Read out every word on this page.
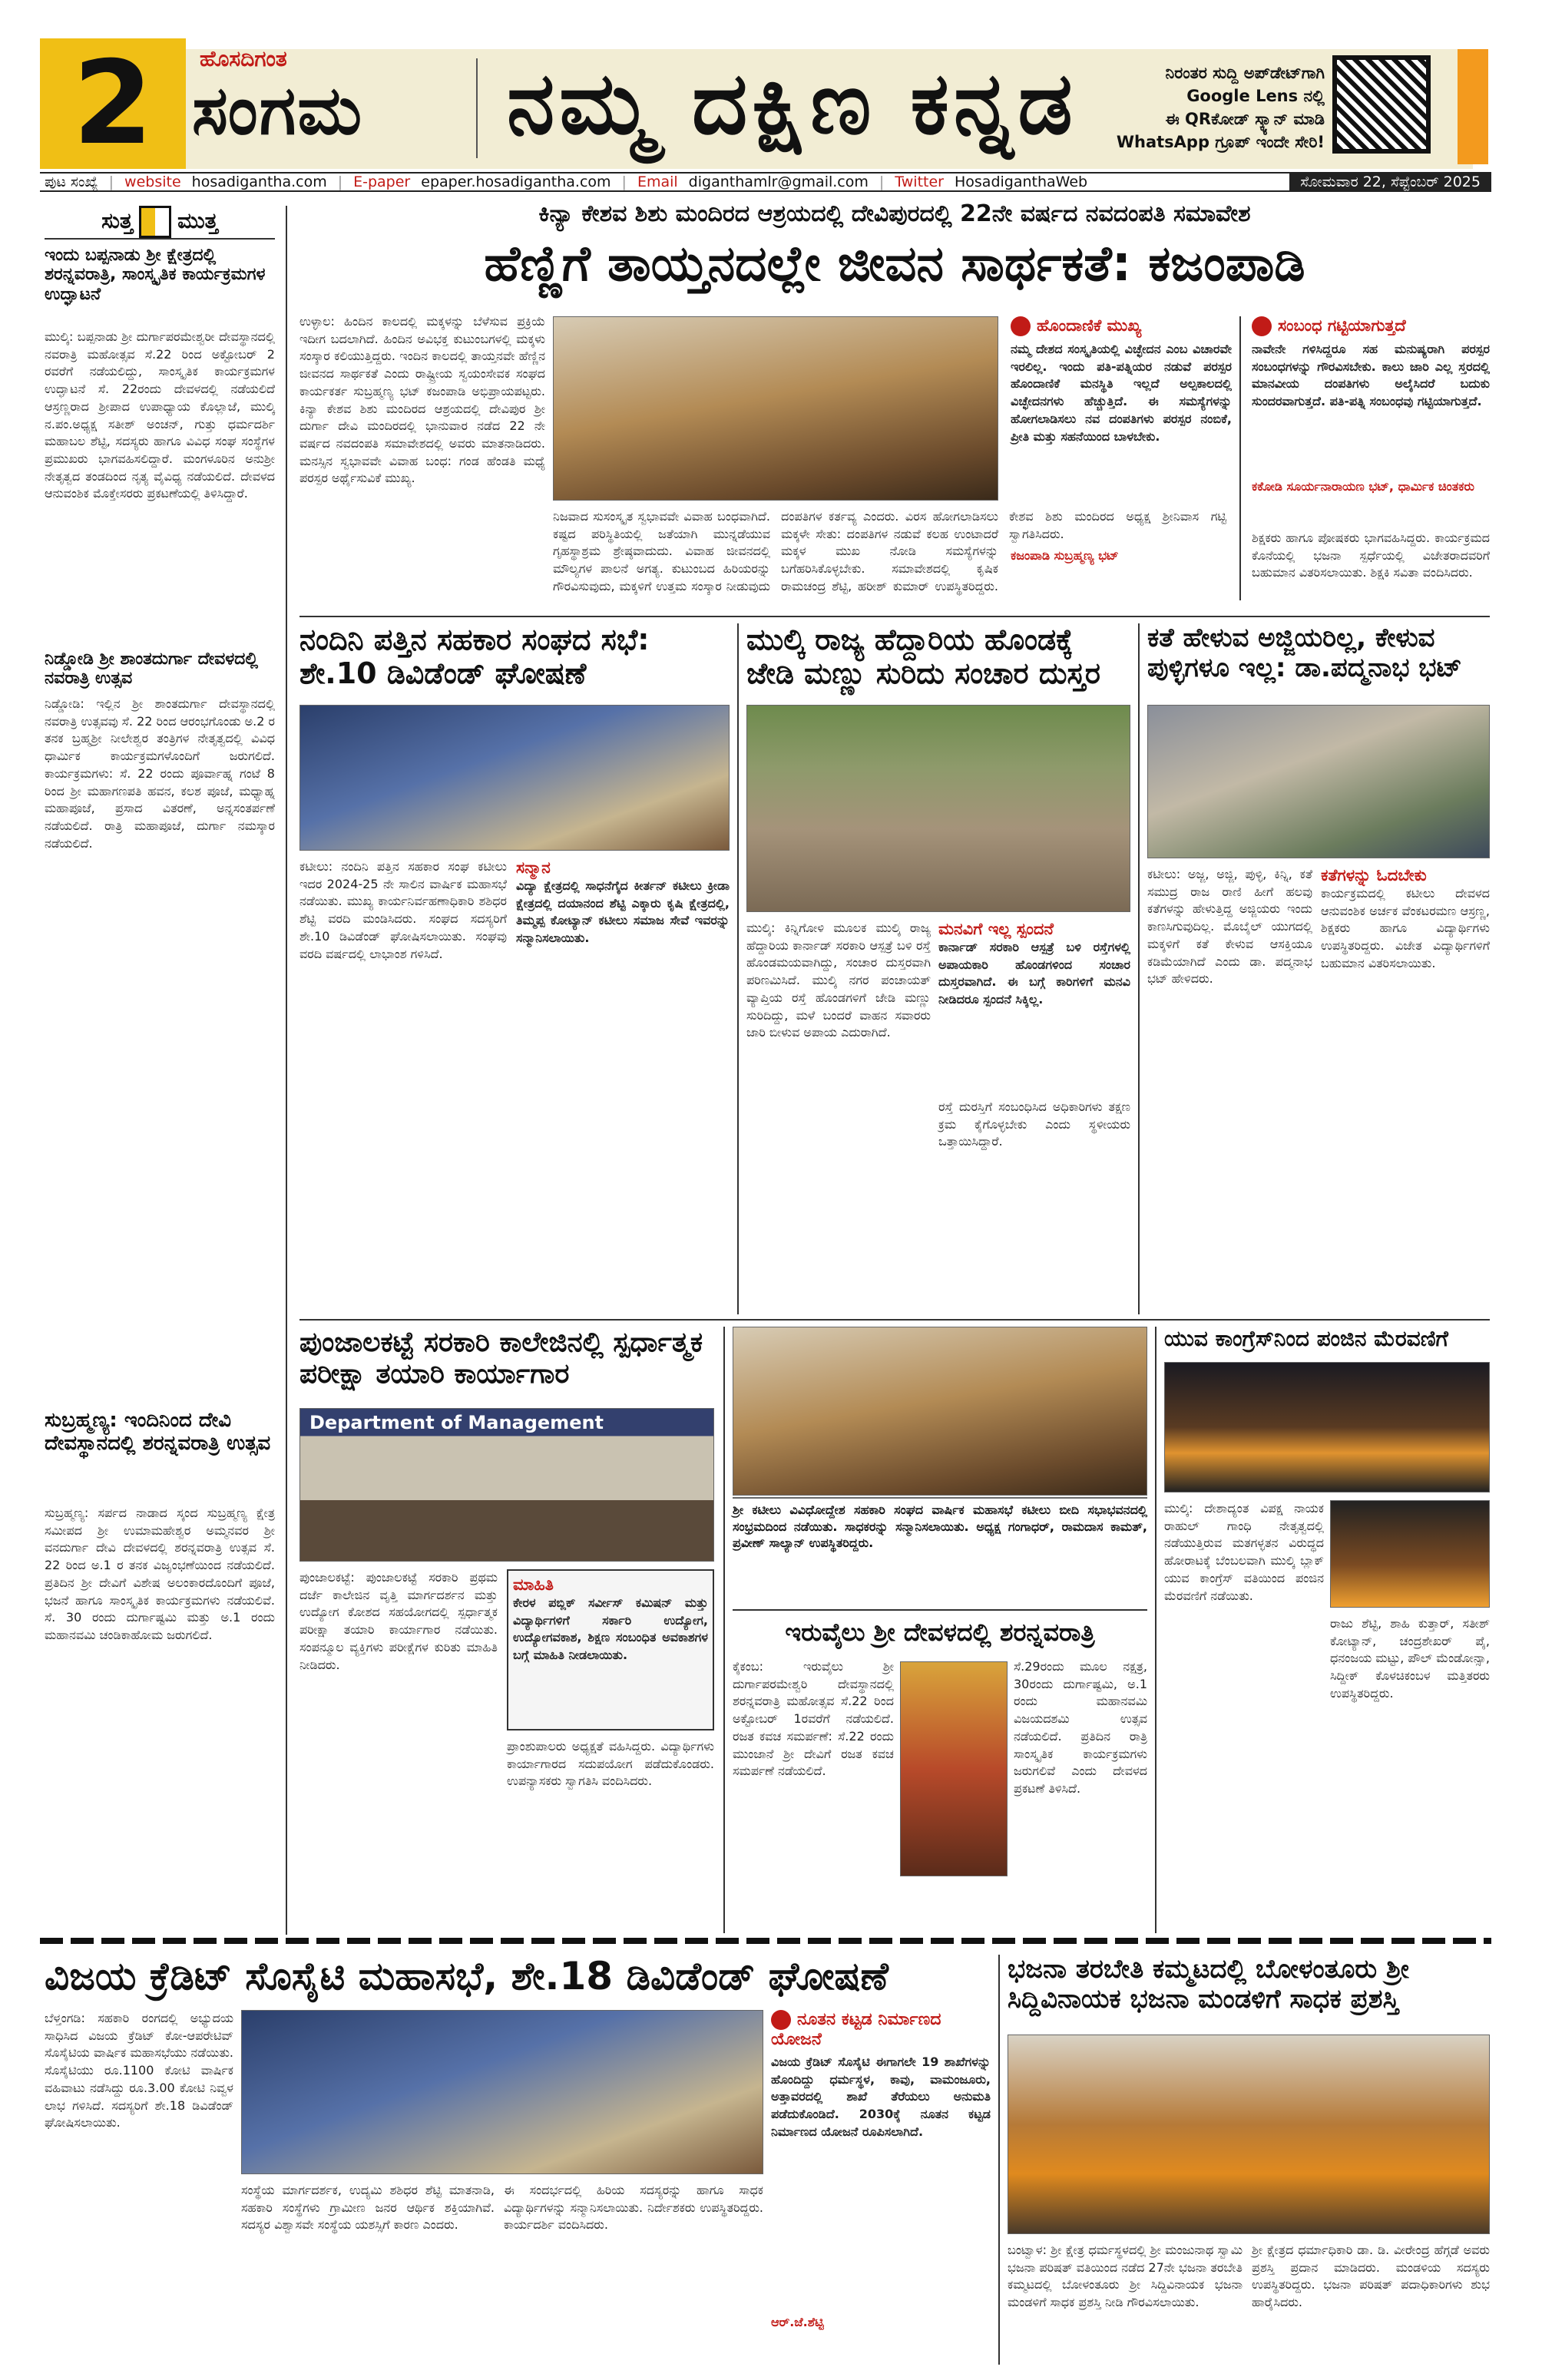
2	ಹೊಸದಿಗಂತ
ಸಂಗಮ ನಮ್ಮ ದಕ್ಷಿಣ ಕನ್ನಡ	ನಿರಂತರ ಸುದ್ದಿ ಅಪ್‌ಡೇಟ್‌ಗಾಗಿ
Google Lens ನಲ್ಲಿ
ಈ QRಕೋಡ್ ಸ್ಕ್ಯಾನ್ ಮಾಡಿ
WhatsApp ಗ್ರೂಪ್ ಇಂದೇ ಸೇರಿ!
ಪುಟ ಸಂಖ್ಯೆ | website hosadigantha.com | E-paper epaper.hosadigantha.com | Email diganthamlr@gmail.com | Twitter HosadiganthaWeb	ಸೋಮವಾರ 22, ಸೆಪ್ಟೆಂಬರ್ 2025
ಸುತ್ತ ಮುತ್ತ
ಇಂದು ಬಪ್ಪನಾಡು ಶ್ರೀ ಕ್ಷೇತ್ರದಲ್ಲಿ ಶರನ್ನವರಾತ್ರಿ, ಸಾಂಸ್ಕೃತಿಕ ಕಾರ್ಯಕ್ರಮಗಳ ಉದ್ಘಾಟನೆ
ಮುಲ್ಕಿ: ಬಪ್ಪನಾಡು ಶ್ರೀ ದುರ್ಗಾಪರಮೇಶ್ವರೀ ದೇವಸ್ಥಾನದಲ್ಲಿ ನವರಾತ್ರಿ ಮಹೋತ್ಸವ ಸೆ.22 ರಿಂದ ಅಕ್ಟೋಬರ್ 2 ರವರೆಗೆ ನಡೆಯಲಿದ್ದು, ಸಾಂಸ್ಕೃತಿಕ ಕಾರ್ಯಕ್ರಮಗಳ ಉದ್ಘಾಟನೆ ಸೆ. 22ರಂದು ದೇವಳದಲ್ಲಿ ನಡೆಯಲಿದೆ ಆಸ್ರಣ್ಣರಾದ ಶ್ರೀಪಾದ ಉಪಾಧ್ಯಾಯ ಕೊಲ್ಲಾಜೆ, ಮುಲ್ಕಿ ನ.ಪಂ.ಅಧ್ಯಕ್ಷ ಸತೀಶ್ ಅಂಚನ್, ಗುತ್ತು ಧರ್ಮದರ್ಶಿ ಮಹಾಬಲ ಶೆಟ್ಟಿ, ಸದಸ್ಯರು ಹಾಗೂ ವಿವಿಧ ಸಂಘ ಸಂಸ್ಥೆಗಳ ಪ್ರಮುಖರು ಭಾಗವಹಿಸಲಿದ್ದಾರೆ. ಮಂಗಳೂರಿನ ಅನುಶ್ರೀ ನೇತೃತ್ವದ ತಂಡದಿಂದ ನೃತ್ಯ ವೈವಿಧ್ಯ ನಡೆಯಲಿದೆ. ದೇವಳದ ಆನುವಂಶಿಕ ಮೊಕ್ತೇಸರರು ಪ್ರಕಟಣೆಯಲ್ಲಿ ತಿಳಿಸಿದ್ದಾರೆ.
ನಿಡ್ಡೋಡಿ ಶ್ರೀ ಶಾಂತದುರ್ಗಾ ದೇವಳದಲ್ಲಿ ನವರಾತ್ರಿ ಉತ್ಸವ
ನಿಡ್ಡೋಡಿ: ಇಲ್ಲಿನ ಶ್ರೀ ಶಾಂತದುರ್ಗಾ ದೇವಸ್ಥಾನದಲ್ಲಿ ನವರಾತ್ರಿ ಉತ್ಸವವು ಸೆ. 22 ರಿಂದ ಆರಂಭಗೊಂಡು ಅ.2 ರ ತನಕ ಬ್ರಹ್ಮಶ್ರೀ ನೀಲೇಶ್ವರ ತಂತ್ರಿಗಳ ನೇತೃತ್ವದಲ್ಲಿ ವಿವಿಧ ಧಾರ್ಮಿಕ ಕಾರ್ಯಕ್ರಮಗಳೊಂದಿಗೆ ಜರುಗಲಿದೆ. ಕಾರ್ಯಕ್ರಮಗಳು: ಸೆ. 22 ರಂದು ಪೂರ್ವಾಹ್ನ ಗಂಟೆ 8 ರಿಂದ ಶ್ರೀ ಮಹಾಗಣಪತಿ ಹವನ, ಕಲಶ ಪೂಜೆ, ಮಧ್ಯಾಹ್ನ ಮಹಾಪೂಜೆ, ಪ್ರಸಾದ ವಿತರಣೆ, ಅನ್ನಸಂತರ್ಪಣೆ ನಡೆಯಲಿದೆ. ರಾತ್ರಿ ಮಹಾಪೂಜೆ, ದುರ್ಗಾ ನಮಸ್ಕಾರ ನಡೆಯಲಿದೆ.
ಸುಬ್ರಹ್ಮಣ್ಯ: ಇಂದಿನಿಂದ ದೇವಿ ದೇವಸ್ಥಾನದಲ್ಲಿ ಶರನ್ನವರಾತ್ರಿ ಉತ್ಸವ
ಸುಬ್ರಹ್ಮಣ್ಯ: ಸರ್ಪದ ನಾಡಾದ ಸ್ಕಂದ ಸುಬ್ರಹ್ಮಣ್ಯ ಕ್ಷೇತ್ರ ಸಮೀಪದ ಶ್ರೀ ಉಮಾಮಹೇಶ್ವರ ಅಮ್ಮನವರ ಶ್ರೀ ವನದುರ್ಗಾ ದೇವಿ ದೇವಳದಲ್ಲಿ ಶರನ್ನವರಾತ್ರಿ ಉತ್ಸವ ಸೆ. 22 ರಿಂದ ಅ.1 ರ ತನಕ ವಿಜೃಂಭಣೆಯಿಂದ ನಡೆಯಲಿದೆ. ಪ್ರತಿದಿನ ಶ್ರೀ ದೇವಿಗೆ ವಿಶೇಷ ಅಲಂಕಾರದೊಂದಿಗೆ ಪೂಜೆ, ಭಜನೆ ಹಾಗೂ ಸಾಂಸ್ಕೃತಿಕ ಕಾರ್ಯಕ್ರಮಗಳು ನಡೆಯಲಿವೆ. ಸೆ. 30 ರಂದು ದುರ್ಗಾಷ್ಟಮಿ ಮತ್ತು ಅ.1 ರಂದು ಮಹಾನವಮಿ ಚಂಡಿಕಾಹೋಮ ಜರುಗಲಿದೆ.
ಕಿನ್ಯಾ ಕೇಶವ ಶಿಶು ಮಂದಿರದ ಆಶ್ರಯದಲ್ಲಿ ದೇವಿಪುರದಲ್ಲಿ 22ನೇ ವರ್ಷದ ನವದಂಪತಿ ಸಮಾವೇಶ
ಹೆಣ್ಣಿಗೆ ತಾಯ್ತನದಲ್ಲೇ ಜೀವನ ಸಾರ್ಥಕತೆ: ಕಜಂಪಾಡಿ
ಉಳ್ಳಾಲ: ಹಿಂದಿನ ಕಾಲದಲ್ಲಿ ಮಕ್ಕಳನ್ನು ಬೆಳೆಸುವ ಪ್ರಕ್ರಿಯೆ ಇದೀಗ ಬದಲಾಗಿದೆ. ಹಿಂದಿನ ಅವಿಭಕ್ತ ಕುಟುಂಬಗಳಲ್ಲಿ ಮಕ್ಕಳು ಸಂಸ್ಕಾರ ಕಲಿಯುತ್ತಿದ್ದರು. ಇಂದಿನ ಕಾಲದಲ್ಲಿ ತಾಯ್ತನವೇ ಹೆಣ್ಣಿನ ಜೀವನದ ಸಾರ್ಥಕತೆ ಎಂದು ರಾಷ್ಟ್ರೀಯ ಸ್ವಯಂಸೇವಕ ಸಂಘದ ಕಾರ್ಯಕರ್ತ ಸುಬ್ರಹ್ಮಣ್ಯ ಭಟ್ ಕಜಂಪಾಡಿ ಅಭಿಪ್ರಾಯಪಟ್ಟರು. ಕಿನ್ಯಾ ಕೇಶವ ಶಿಶು ಮಂದಿರದ ಆಶ್ರಯದಲ್ಲಿ ದೇವಿಪುರ ಶ್ರೀ ದುರ್ಗಾ ದೇವಿ ಮಂದಿರದಲ್ಲಿ ಭಾನುವಾರ ನಡೆದ 22 ನೇ ವರ್ಷದ ನವದಂಪತಿ ಸಮಾವೇಶದಲ್ಲಿ ಅವರು ಮಾತನಾಡಿದರು. ಮನಸ್ಸಿನ ಸ್ವಭಾವವೇ ವಿವಾಹ ಬಂಧ: ಗಂಡ ಹೆಂಡತಿ ಮಧ್ಯೆ ಪರಸ್ಪರ ಅರ್ಥೈಸುವಿಕೆ ಮುಖ್ಯ.
ನಿಜವಾದ ಸುಸಂಸ್ಕೃತ ಸ್ವಭಾವವೇ ವಿವಾಹ ಬಂಧವಾಗಿದೆ. ಕಷ್ಟದ ಪರಿಸ್ಥಿತಿಯಲ್ಲಿ ಜತೆಯಾಗಿ ಮುನ್ನಡೆಯುವ ಗೃಹಸ್ಥಾಶ್ರಮ ಶ್ರೇಷ್ಠವಾದುದು. ವಿವಾಹ ಜೀವನದಲ್ಲಿ ಮೌಲ್ಯಗಳ ಪಾಲನೆ ಅಗತ್ಯ. ಕುಟುಂಬದ ಹಿರಿಯರನ್ನು ಗೌರವಿಸುವುದು, ಮಕ್ಕಳಿಗೆ ಉತ್ತಮ ಸಂಸ್ಕಾರ ನೀಡುವುದು ದಂಪತಿಗಳ ಕರ್ತವ್ಯ ಎಂದರು. ವಿರಸ ಹೋಗಲಾಡಿಸಲು ಮಕ್ಕಳೇ ಸೇತು: ದಂಪತಿಗಳ ನಡುವೆ ಕಲಹ ಉಂಟಾದರೆ ಮಕ್ಕಳ ಮುಖ ನೋಡಿ ಸಮಸ್ಯೆಗಳನ್ನು ಬಗೆಹರಿಸಿಕೊಳ್ಳಬೇಕು. ಸಮಾವೇಶದಲ್ಲಿ ಕೃಷಿಕ ರಾಮಚಂದ್ರ ಶೆಟ್ಟಿ, ಹರೀಶ್ ಕುಮಾರ್ ಉಪಸ್ಥಿತರಿದ್ದರು. ಕೇಶವ ಶಿಶು ಮಂದಿರದ ಅಧ್ಯಕ್ಷ ಶ್ರೀನಿವಾಸ ಗಟ್ಟಿ ಸ್ವಾಗತಿಸಿದರು.
ಹೊಂದಾಣಿಕೆ ಮುಖ್ಯ
ನಮ್ಮ ದೇಶದ ಸಂಸ್ಕೃತಿಯಲ್ಲಿ ವಿಚ್ಛೇದನ ಎಂಬ ವಿಚಾರವೇ ಇರಲಿಲ್ಲ. ಇಂದು ಪತಿ-ಪತ್ನಿಯರ ನಡುವೆ ಪರಸ್ಪರ ಹೊಂದಾಣಿಕೆ ಮನಸ್ಥಿತಿ ಇಲ್ಲದೆ ಅಲ್ಪಕಾಲದಲ್ಲಿ ವಿಚ್ಛೇದನಗಳು ಹೆಚ್ಚುತ್ತಿದೆ. ಈ ಸಮಸ್ಯೆಗಳನ್ನು ಹೋಗಲಾಡಿಸಲು ನವ ದಂಪತಿಗಳು ಪರಸ್ಪರ ನಂಬಿಕೆ, ಪ್ರೀತಿ ಮತ್ತು ಸಹನೆಯಿಂದ ಬಾಳಬೇಕು.
ಕಜಂಪಾಡಿ ಸುಬ್ರಹ್ಮಣ್ಯ ಭಟ್
ಸಂಬಂಧ ಗಟ್ಟಿಯಾಗುತ್ತದೆ
ನಾವೇನೇ ಗಳಿಸಿದ್ದರೂ ಸಹ ಮನುಷ್ಯರಾಗಿ ಪರಸ್ಪರ ಸಂಬಂಧಗಳನ್ನು ಗೌರವಿಸಬೇಕು. ಕಾಲು ಜಾರಿ ಎಲ್ಲ ಸ್ತರದಲ್ಲಿ ಮಾನವೀಯ ದಂಪತಿಗಳು ಅಲೈಸಿದರೆ ಬದುಕು ಸುಂದರವಾಗುತ್ತದೆ. ಪತಿ-ಪತ್ನಿ ಸಂಬಂಧವು ಗಟ್ಟಿಯಾಗುತ್ತದೆ.
ಕಕೋಡಿ ಸೂರ್ಯನಾರಾಯಣ ಭಟ್, ಧಾರ್ಮಿಕ ಚಿಂತಕರು
ಶಿಕ್ಷಕರು ಹಾಗೂ ಪೋಷಕರು ಭಾಗವಹಿಸಿದ್ದರು. ಕಾರ್ಯಕ್ರಮದ ಕೊನೆಯಲ್ಲಿ ಭಜನಾ ಸ್ಪರ್ಧೆಯಲ್ಲಿ ವಿಜೇತರಾದವರಿಗೆ ಬಹುಮಾನ ವಿತರಿಸಲಾಯಿತು. ಶಿಕ್ಷಕಿ ಸವಿತಾ ವಂದಿಸಿದರು.
ನಂದಿನಿ ಪತ್ತಿನ ಸಹಕಾರ ಸಂಘದ ಸಭೆ: ಶೇ.10 ಡಿವಿಡೆಂಡ್ ಘೋಷಣೆ
ಕಟೀಲು: ನಂದಿನಿ ಪತ್ತಿನ ಸಹಕಾರ ಸಂಘ ಕಟೀಲು ಇದರ 2024-25 ನೇ ಸಾಲಿನ ವಾರ್ಷಿಕ ಮಹಾಸಭೆ ನಡೆಯಿತು. ಮುಖ್ಯ ಕಾರ್ಯನಿರ್ವಹಣಾಧಿಕಾರಿ ಶಶಿಧರ ಶೆಟ್ಟಿ ವರದಿ ಮಂಡಿಸಿದರು. ಸಂಘದ ಸದಸ್ಯರಿಗೆ ಶೇ.10 ಡಿವಿಡೆಂಡ್ ಘೋಷಿಸಲಾಯಿತು. ಸಂಘವು ವರದಿ ವರ್ಷದಲ್ಲಿ ಲಾಭಾಂಶ ಗಳಿಸಿದೆ.
ಸನ್ಮಾನ
ವಿದ್ಯಾ ಕ್ಷೇತ್ರದಲ್ಲಿ ಸಾಧನೆಗೈದ ಕೀರ್ತನ್ ಕಟೀಲು ಕ್ರೀಡಾ ಕ್ಷೇತ್ರದಲ್ಲಿ ದಯಾನಂದ ಶೆಟ್ಟಿ ಎಕ್ಕಾರು ಕೃಷಿ ಕ್ಷೇತ್ರದಲ್ಲಿ, ತಿಮ್ಮಪ್ಪ ಕೋಟ್ಯಾನ್ ಕಟೀಲು ಸಮಾಜ ಸೇವೆ ಇವರನ್ನು ಸನ್ಮಾನಿಸಲಾಯಿತು.
ಮುಲ್ಕಿ ರಾಜ್ಯ ಹೆದ್ದಾರಿಯ ಹೊಂಡಕ್ಕೆ ಜೇಡಿ ಮಣ್ಣು ಸುರಿದು ಸಂಚಾರ ದುಸ್ತರ
ಮುಲ್ಕಿ: ಕಿನ್ನಿಗೋಳಿ ಮೂಲಕ ಮುಲ್ಕಿ ರಾಜ್ಯ ಹೆದ್ದಾರಿಯ ಕಾರ್ನಾಡ್ ಸರಕಾರಿ ಆಸ್ಪತ್ರೆ ಬಳಿ ರಸ್ತೆ ಹೊಂಡಮಯವಾಗಿದ್ದು, ಸಂಚಾರ ದುಸ್ತರವಾಗಿ ಪರಿಣಮಿಸಿದೆ. ಮುಲ್ಕಿ ನಗರ ಪಂಚಾಯತ್ ವ್ಯಾಪ್ತಿಯ ರಸ್ತೆ ಹೊಂಡಗಳಿಗೆ ಜೇಡಿ ಮಣ್ಣು ಸುರಿದಿದ್ದು, ಮಳೆ ಬಂದರೆ ವಾಹನ ಸವಾರರು ಜಾರಿ ಬೀಳುವ ಅಪಾಯ ಎದುರಾಗಿದೆ.
ಮನವಿಗೆ ಇಲ್ಲ ಸ್ಪಂದನೆ
ಕಾರ್ನಾಡ್ ಸರಕಾರಿ ಆಸ್ಪತ್ರೆ ಬಳಿ ರಸ್ತೆಗಳಲ್ಲಿ ಅಪಾಯಕಾರಿ ಹೊಂಡಗಳಿಂದ ಸಂಚಾರ ದುಸ್ತರವಾಗಿದೆ. ಈ ಬಗ್ಗೆ ಕಾರಿಗಳಿಗೆ ಮನವಿ ನೀಡಿದರೂ ಸ್ಪಂದನೆ ಸಿಕ್ಕಿಲ್ಲ.
ರಸ್ತೆ ದುರಸ್ತಿಗೆ ಸಂಬಂಧಿಸಿದ ಅಧಿಕಾರಿಗಳು ತಕ್ಷಣ ಕ್ರಮ ಕೈಗೊಳ್ಳಬೇಕು ಎಂದು ಸ್ಥಳೀಯರು ಒತ್ತಾಯಿಸಿದ್ದಾರೆ.
ಕತೆ ಹೇಳುವ ಅಜ್ಜಿಯರಿಲ್ಲ, ಕೇಳುವ ಪುಳ್ಳಿಗಳೂ ಇಲ್ಲ: ಡಾ.ಪದ್ಮನಾಭ ಭಟ್
ಕಟೀಲು: ಅಜ್ಜ, ಅಜ್ಜಿ, ಪುಳ್ಳಿ, ಕಿನ್ನಿ, ಕತೆ ಸಮುದ್ರ ರಾಜ ರಾಣಿ ಹೀಗೆ ಹಲವು ಕತೆಗಳನ್ನು ಹೇಳುತ್ತಿದ್ದ ಅಜ್ಜಿಯರು ಇಂದು ಕಾಣಸಿಗುವುದಿಲ್ಲ. ಮೊಬೈಲ್ ಯುಗದಲ್ಲಿ ಮಕ್ಕಳಿಗೆ ಕತೆ ಕೇಳುವ ಆಸಕ್ತಿಯೂ ಕಡಿಮೆಯಾಗಿದೆ ಎಂದು ಡಾ. ಪದ್ಮನಾಭ ಭಟ್ ಹೇಳಿದರು.
ಕತೆಗಳನ್ನು ಓದಬೇಕು
ಕಾರ್ಯಕ್ರಮದಲ್ಲಿ ಕಟೀಲು ದೇವಳದ ಆನುವಂಶಿಕ ಅರ್ಚಕ ವೆಂಕಟರಮಣ ಆಸ್ರಣ್ಣ, ಶಿಕ್ಷಕರು ಹಾಗೂ ವಿದ್ಯಾರ್ಥಿಗಳು ಉಪಸ್ಥಿತರಿದ್ದರು. ವಿಜೇತ ವಿದ್ಯಾರ್ಥಿಗಳಿಗೆ ಬಹುಮಾನ ವಿತರಿಸಲಾಯಿತು.
ಪುಂಜಾಲಕಟ್ಟೆ ಸರಕಾರಿ ಕಾಲೇಜಿನಲ್ಲಿ ಸ್ಪರ್ಧಾತ್ಮಕ ಪರೀಕ್ಷಾ ತಯಾರಿ ಕಾರ್ಯಾಗಾರ
Department of Management
ಪುಂಜಾಲಕಟ್ಟೆ: ಪುಂಜಾಲಕಟ್ಟೆ ಸರಕಾರಿ ಪ್ರಥಮ ದರ್ಜೆ ಕಾಲೇಜಿನ ವೃತ್ತಿ ಮಾರ್ಗದರ್ಶನ ಮತ್ತು ಉದ್ಯೋಗ ಕೋಶದ ಸಹಯೋಗದಲ್ಲಿ ಸ್ಪರ್ಧಾತ್ಮಕ ಪರೀಕ್ಷಾ ತಯಾರಿ ಕಾರ್ಯಾಗಾರ ನಡೆಯಿತು. ಸಂಪನ್ಮೂಲ ವ್ಯಕ್ತಿಗಳು ಪರೀಕ್ಷೆಗಳ ಕುರಿತು ಮಾಹಿತಿ ನೀಡಿದರು.
ಮಾಹಿತಿ
ಕೇರಳ ಪಬ್ಲಿಕ್ ಸರ್ವೀಸ್ ಕಮಿಷನ್ ಮತ್ತು ವಿದ್ಯಾರ್ಥಿಗಳಿಗೆ ಸರ್ಕಾರಿ ಉದ್ಯೋಗ, ಉದ್ಯೋಗವಕಾಶ, ಶಿಕ್ಷಣ ಸಂಬಂಧಿತ ಅವಕಾಶಗಳ ಬಗ್ಗೆ ಮಾಹಿತಿ ನೀಡಲಾಯಿತು.
ಪ್ರಾಂಶುಪಾಲರು ಅಧ್ಯಕ್ಷತೆ ವಹಿಸಿದ್ದರು. ವಿದ್ಯಾರ್ಥಿಗಳು ಕಾರ್ಯಾಗಾರದ ಸದುಪಯೋಗ ಪಡೆದುಕೊಂಡರು. ಉಪನ್ಯಾಸಕರು ಸ್ವಾಗತಿಸಿ ವಂದಿಸಿದರು.
ಶ್ರೀ ಕಟೀಲು ವಿವಿಧೋದ್ದೇಶ ಸಹಕಾರಿ ಸಂಘದ ವಾರ್ಷಿಕ ಮಹಾಸಭೆ ಕಟೀಲು ಬೀದಿ ಸಭಾಭವನದಲ್ಲಿ ಸಂಭ್ರಮದಿಂದ ನಡೆಯಿತು. ಸಾಧಕರನ್ನು ಸನ್ಮಾನಿಸಲಾಯಿತು. ಅಧ್ಯಕ್ಷ ಗಂಗಾಧರ್, ರಾಮದಾಸ ಕಾಮತ್, ಪ್ರವೀಣ್ ಸಾಲ್ಯಾನ್ ಉಪಸ್ಥಿತರಿದ್ದರು.
ಇರುವೈಲು ಶ್ರೀ ದೇವಳದಲ್ಲಿ ಶರನ್ನವರಾತ್ರಿ
ಕೈಕಂಬ: ಇರುವೈಲು ಶ್ರೀ ದುರ್ಗಾಪರಮೇಶ್ವರಿ ದೇವಸ್ಥಾನದಲ್ಲಿ ಶರನ್ನವರಾತ್ರಿ ಮಹೋತ್ಸವ ಸೆ.22 ರಿಂದ ಅಕ್ಟೋಬರ್ 1ರವರೆಗೆ ನಡೆಯಲಿದೆ. ರಜತ ಕವಚ ಸಮರ್ಪಣೆ: ಸೆ.22 ರಂದು ಮುಂಜಾನೆ ಶ್ರೀ ದೇವಿಗೆ ರಜತ ಕವಚ ಸಮರ್ಪಣೆ ನಡೆಯಲಿದೆ.
ಸೆ.29ರಂದು ಮೂಲ ನಕ್ಷತ್ರ, 30ರಂದು ದುರ್ಗಾಷ್ಟಮಿ, ಅ.1 ರಂದು ಮಹಾನವಮಿ ವಿಜಯದಶಮಿ ಉತ್ಸವ ನಡೆಯಲಿದೆ. ಪ್ರತಿದಿನ ರಾತ್ರಿ ಸಾಂಸ್ಕೃತಿಕ ಕಾರ್ಯಕ್ರಮಗಳು ಜರುಗಲಿವೆ ಎಂದು ದೇವಳದ ಪ್ರಕಟಣೆ ತಿಳಿಸಿದೆ.
ಯುವ ಕಾಂಗ್ರೆಸ್‌ನಿಂದ ಪಂಜಿನ ಮೆರವಣಿಗೆ
ಮುಲ್ಕಿ: ದೇಶಾದ್ಯಂತ ವಿಪಕ್ಷ ನಾಯಕ ರಾಹುಲ್ ಗಾಂಧಿ ನೇತೃತ್ವದಲ್ಲಿ ನಡೆಯುತ್ತಿರುವ ಮತಗಳ್ಳತನ ವಿರುದ್ಧದ ಹೋರಾಟಕ್ಕೆ ಬೆಂಬಲವಾಗಿ ಮುಲ್ಕಿ ಬ್ಲಾಕ್ ಯುವ ಕಾಂಗ್ರೆಸ್ ವತಿಯಿಂದ ಪಂಜಿನ ಮೆರವಣಿಗೆ ನಡೆಯಿತು.
ರಾಜು ಶೆಟ್ಟಿ, ಶಾಹಿ ಕುತ್ತಾರ್, ಸತೀಶ್ ಕೋಟ್ಯಾನ್, ಚಂದ್ರಶೇಖರ್ ಪೈ, ಧನಂಜಯ ಮಟ್ಟು, ಪೌಲ್ ಮೆಂಡೋನ್ಸಾ, ಸಿದ್ದೀಕ್ ಕೊಳಚಿಕಂಬಳ ಮತ್ತಿತರರು ಉಪಸ್ಥಿತರಿದ್ದರು.
ವಿಜಯ ಕ್ರೆಡಿಟ್ ಸೊಸೈಟಿ ಮಹಾಸಭೆ, ಶೇ.18 ಡಿವಿಡೆಂಡ್ ಘೋಷಣೆ
ಬೆಳ್ತಂಗಡಿ: ಸಹಕಾರಿ ರಂಗದಲ್ಲಿ ಅಭ್ಯುದಯ ಸಾಧಿಸಿದ ವಿಜಯ ಕ್ರೆಡಿಟ್ ಕೋ-ಆಪರೇಟಿವ್ ಸೊಸೈಟಿಯ ವಾರ್ಷಿಕ ಮಹಾಸಭೆಯು ನಡೆಯಿತು. ಸೊಸೈಟಿಯು ರೂ.1100 ಕೋಟಿ ವಾರ್ಷಿಕ ವಹಿವಾಟು ನಡೆಸಿದ್ದು ರೂ.3.00 ಕೋಟಿ ನಿವ್ವಳ ಲಾಭ ಗಳಿಸಿದೆ. ಸದಸ್ಯರಿಗೆ ಶೇ.18 ಡಿವಿಡೆಂಡ್ ಘೋಷಿಸಲಾಯಿತು.
ಸಂಸ್ಥೆಯ ಮಾರ್ಗದರ್ಶಕ, ಉದ್ಯಮಿ ಶಶಿಧರ ಶೆಟ್ಟಿ ಮಾತನಾಡಿ, ಸಹಕಾರಿ ಸಂಸ್ಥೆಗಳು ಗ್ರಾಮೀಣ ಜನರ ಆರ್ಥಿಕ ಶಕ್ತಿಯಾಗಿವೆ. ಸದಸ್ಯರ ವಿಶ್ವಾಸವೇ ಸಂಸ್ಥೆಯ ಯಶಸ್ಸಿಗೆ ಕಾರಣ ಎಂದರು.
ಈ ಸಂದರ್ಭದಲ್ಲಿ ಹಿರಿಯ ಸದಸ್ಯರನ್ನು ಹಾಗೂ ಸಾಧಕ ವಿದ್ಯಾರ್ಥಿಗಳನ್ನು ಸನ್ಮಾನಿಸಲಾಯಿತು. ನಿರ್ದೇಶಕರು ಉಪಸ್ಥಿತರಿದ್ದರು. ಕಾರ್ಯದರ್ಶಿ ವಂದಿಸಿದರು.
ನೂತನ ಕಟ್ಟಡ ನಿರ್ಮಾಣದ ಯೋಜನೆ
ವಿಜಯ ಕ್ರೆಡಿಟ್ ಸೊಸೈಟಿ ಈಗಾಗಲೇ 19 ಶಾಖೆಗಳನ್ನು ಹೊಂದಿದ್ದು ಧರ್ಮಸ್ಥಳ, ಕಾವು, ವಾಮಂಜೂರು, ಅತ್ತಾವರದಲ್ಲಿ ಶಾಖೆ ತೆರೆಯಲು ಅನುಮತಿ ಪಡೆದುಕೊಂಡಿದೆ. 2030ಕ್ಕೆ ನೂತನ ಕಟ್ಟಡ ನಿರ್ಮಾಣದ ಯೋಜನೆ ರೂಪಿಸಲಾಗಿದೆ.
ಆರ್.ಜೆ.ಶೆಟ್ಟಿ
ಭಜನಾ ತರಬೇತಿ ಕಮ್ಮಟದಲ್ಲಿ ಬೋಳಂತೂರು ಶ್ರೀ ಸಿದ್ದಿವಿನಾಯಕ ಭಜನಾ ಮಂಡಳಿಗೆ ಸಾಧಕ ಪ್ರಶಸ್ತಿ
ಬಂಟ್ವಾಳ: ಶ್ರೀ ಕ್ಷೇತ್ರ ಧರ್ಮಸ್ಥಳದಲ್ಲಿ ಶ್ರೀ ಮಂಜುನಾಥ ಸ್ವಾಮಿ ಭಜನಾ ಪರಿಷತ್ ವತಿಯಿಂದ ನಡೆದ 27ನೇ ಭಜನಾ ತರಬೇತಿ ಕಮ್ಮಟದಲ್ಲಿ ಬೋಳಂತೂರು ಶ್ರೀ ಸಿದ್ದಿವಿನಾಯಕ ಭಜನಾ ಮಂಡಳಿಗೆ ಸಾಧಕ ಪ್ರಶಸ್ತಿ ನೀಡಿ ಗೌರವಿಸಲಾಯಿತು.
ಶ್ರೀ ಕ್ಷೇತ್ರದ ಧರ್ಮಾಧಿಕಾರಿ ಡಾ. ಡಿ. ವೀರೇಂದ್ರ ಹೆಗ್ಗಡೆ ಅವರು ಪ್ರಶಸ್ತಿ ಪ್ರದಾನ ಮಾಡಿದರು. ಮಂಡಳಿಯ ಸದಸ್ಯರು ಉಪಸ್ಥಿತರಿದ್ದರು. ಭಜನಾ ಪರಿಷತ್ ಪದಾಧಿಕಾರಿಗಳು ಶುಭ ಹಾರೈಸಿದರು.
